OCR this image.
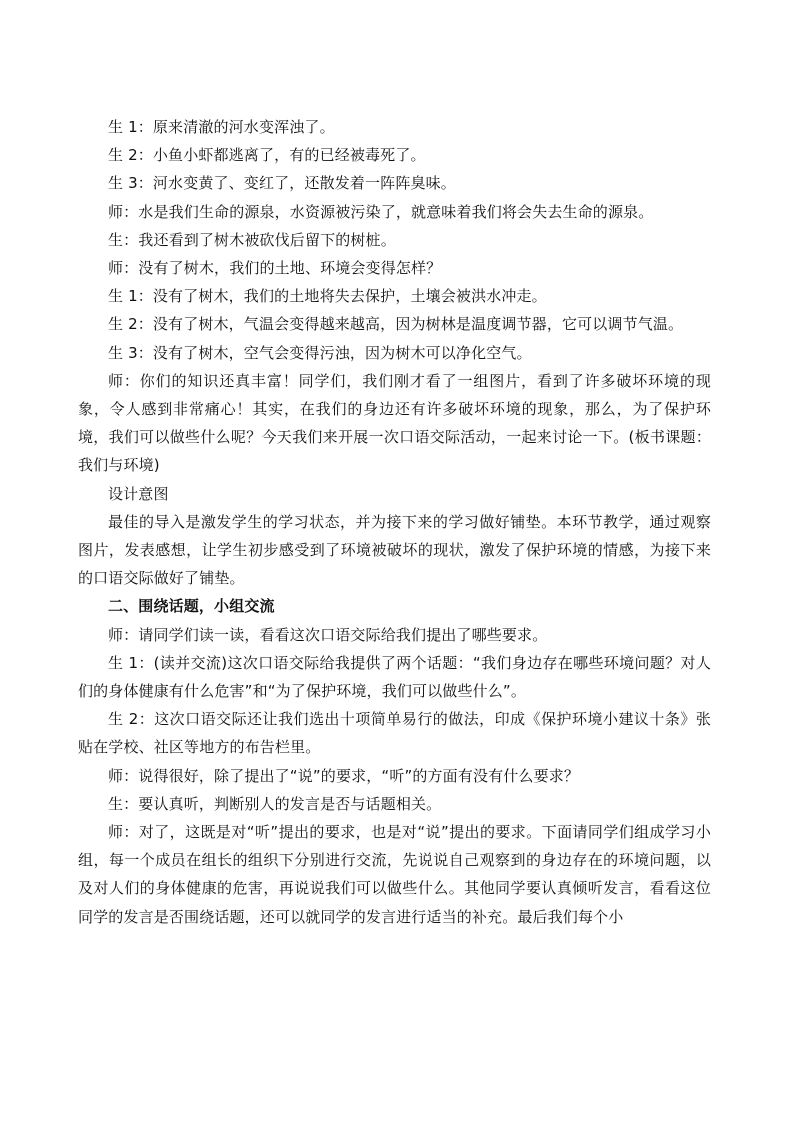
生 1：原来清澈的河水变浑浊了。

生 2：小鱼小虾都逃离了，有的已经被毒死了。

生 3：河水变黄了、变红了，还散发着一阵阵臭味。

师：水是我们生命的源泉，水资源被污染了，就意味着我们将会失去生命的源泉。

生：我还看到了树木被砍伐后留下的树桩。

师：没有了树木，我们的土地、环境会变得怎样？

生 1：没有了树木，我们的土地将失去保护，土壤会被洪水冲走。

生 2：没有了树木，气温会变得越来越高，因为树林是温度调节器，它可以调节气温。

生 3：没有了树木，空气会变得污浊，因为树木可以净化空气。

师：你们的知识还真丰富！同学们，我们刚才看了一组图片，看到了许多破坏环境的现象，令人感到非常痛心！其实，在我们的身边还有许多破坏环境的现象，那么，为了保护环境，我们可以做些什么呢？今天我们来开展一次口语交际活动，一起来讨论一下。(板书课题：我们与环境)

设计意图

最佳的导入是激发学生的学习状态，并为接下来的学习做好铺垫。本环节教学，通过观察图片，发表感想，让学生初步感受到了环境被破坏的现状，激发了保护环境的情感，为接下来的口语交际做好了铺垫。

二、围绕话题，小组交流

师：请同学们读一读，看看这次口语交际给我们提出了哪些要求。

生 1：(读并交流)这次口语交际给我提供了两个话题：“我们身边存在哪些环境问题？对人们的身体健康有什么危害”和“为了保护环境，我们可以做些什么”。

生 2：这次口语交际还让我们选出十项简单易行的做法，印成《保护环境小建议十条》张贴在学校、社区等地方的布告栏里。

师：说得很好，除了提出了“说”的要求，“听”的方面有没有什么要求？

生：要认真听，判断别人的发言是否与话题相关。

师：对了，这既是对“听”提出的要求，也是对“说”提出的要求。下面请同学们组成学习小组，每一个成员在组长的组织下分别进行交流，先说说自己观察到的身边存在的环境问题，以及对人们的身体健康的危害，再说说我们可以做些什么。其他同学要认真倾听发言，看看这位同学的发言是否围绕话题，还可以就同学的发言进行适当的补充。最后我们每个小
